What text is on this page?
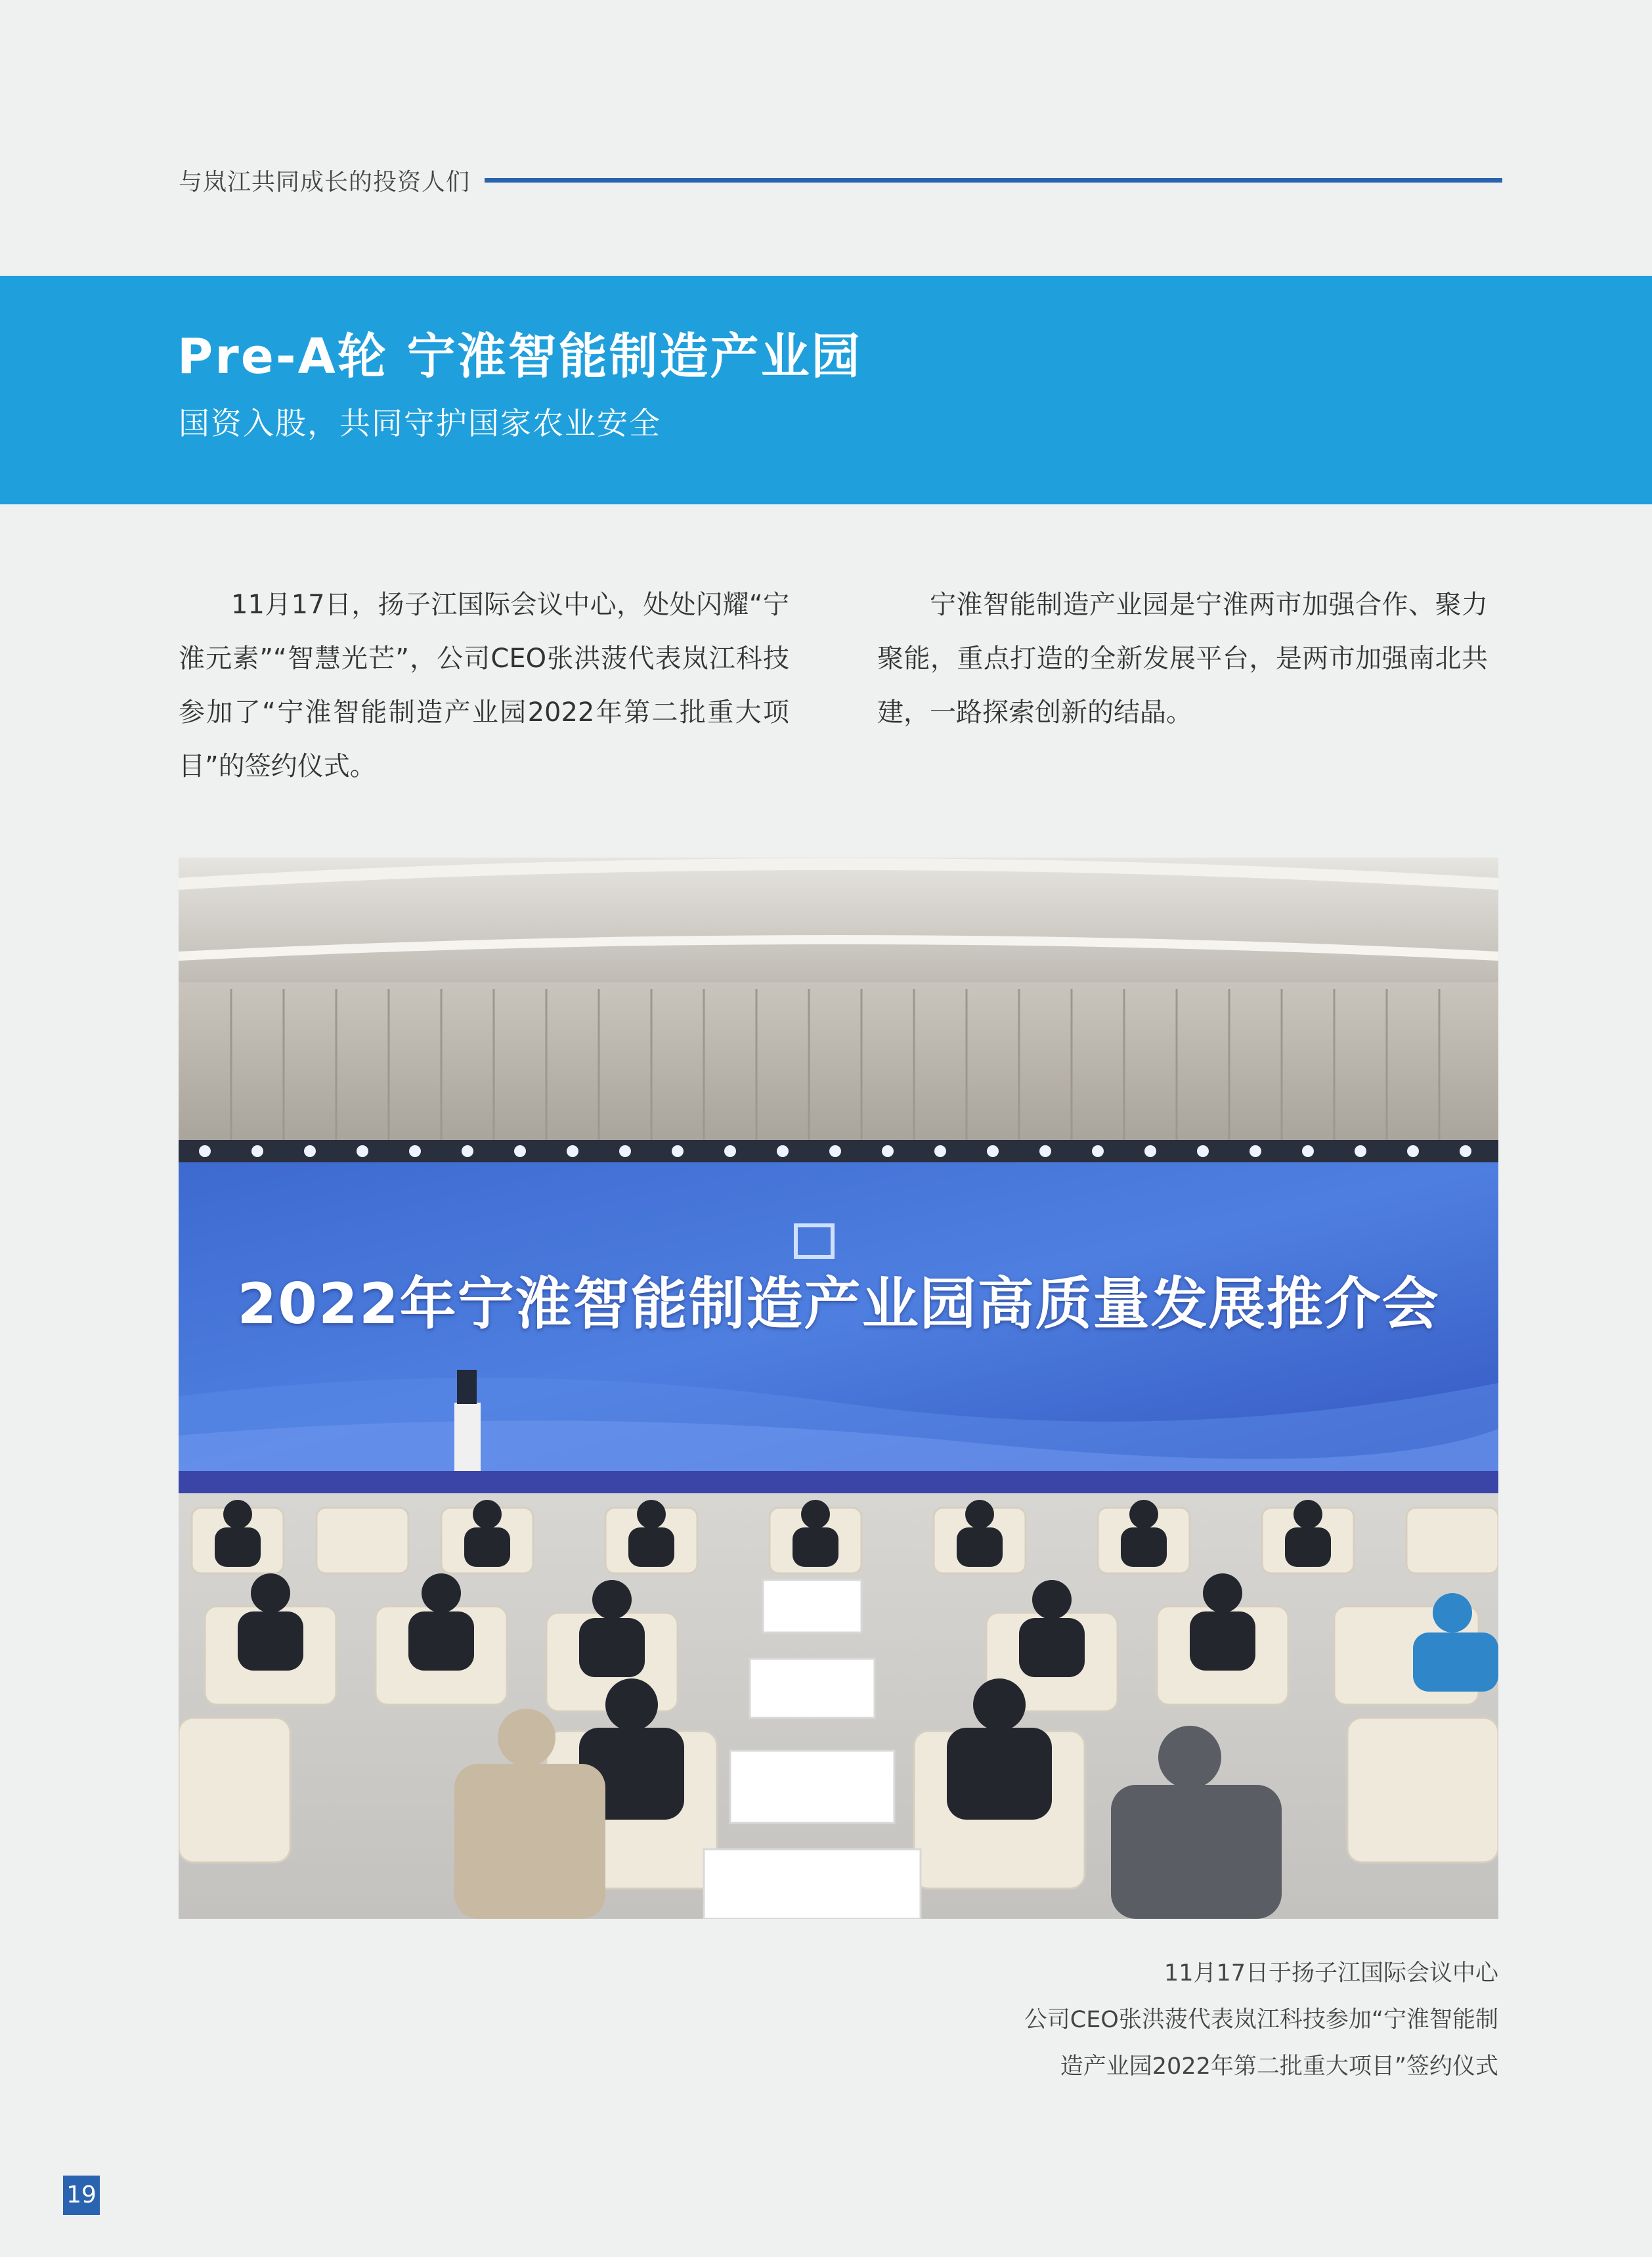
与岚江共同成长的投资人们
Pre-A轮 宁淮智能制造产业园
国资入股，共同守护国家农业安全

11月17日，扬子江国际会议中心，处处闪耀“宁淮元素”“智慧光芒”，公司CEO张洪菠代表岚江科技参加了“宁淮智能制造产业园2022年第二批重大项目”的签约仪式。

宁淮智能制造产业园是宁淮两市加强合作、聚力聚能，重点打造的全新发展平台，是两市加强南北共建，一路探索创新的结晶。

2022年宁淮智能制造产业园高质量发展推介会
11月17日于扬子江国际会议中心
公司CEO张洪菠代表岚江科技参加“宁淮智能制
造产业园2022年第二批重大项目”签约仪式
19
